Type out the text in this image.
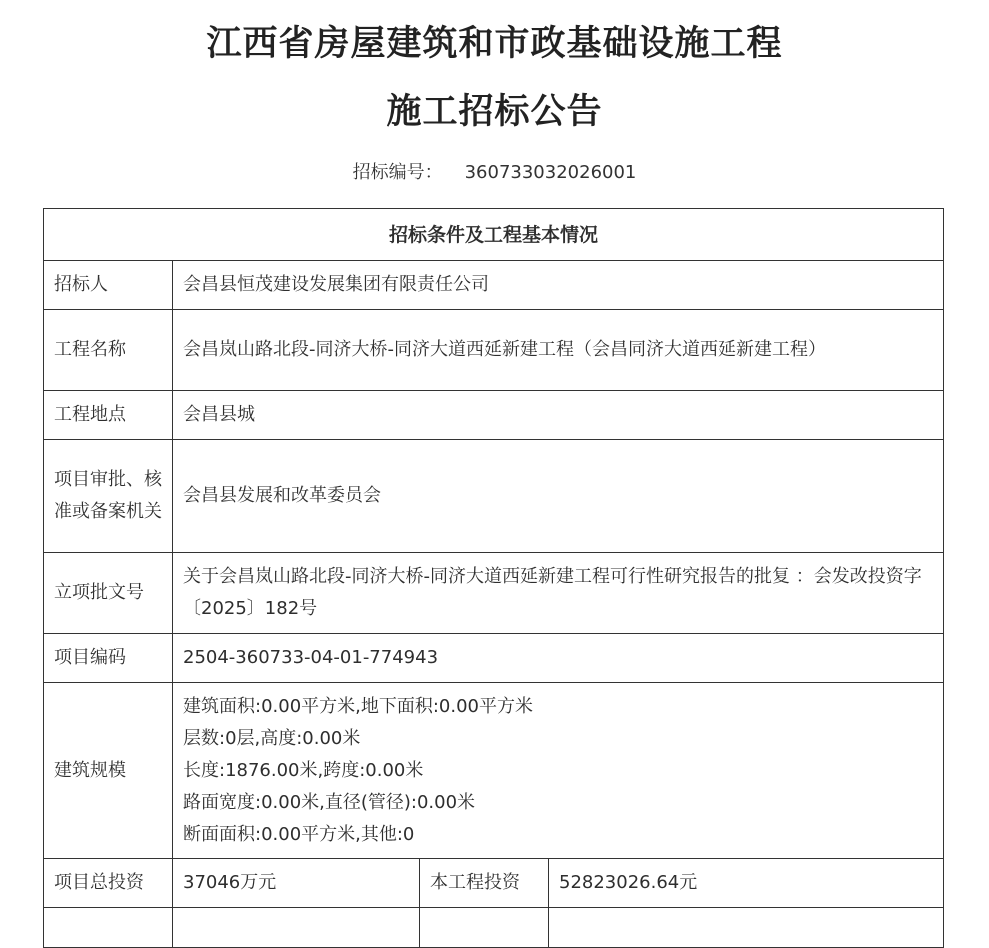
江西省房屋建筑和市政基础设施工程
施工招标公告
招标编号： 360733032026001
招标条件及工程基本情况			
招标人	会昌县恒茂建设发展集团有限责任公司		
工程名称	会昌岚山路北段-同济大桥-同济大道西延新建工程（会昌同济大道西延新建工程）		
工程地点	会昌县城		
项目审批、核准或备案机关	会昌县发展和改革委员会		
立项批文号	关于会昌岚山路北段-同济大桥-同济大道西延新建工程可行性研究报告的批复 ：会发改投资字〔2025〕182号		
项目编码	2504-360733-04-01-774943		
建筑规模	建筑面积:0.00平方米,地下面积:0.00平方米
层数:0层,高度:0.00米
长度:1876.00米,跨度:0.00米
路面宽度:0.00米,直径(管径):0.00米
断面面积:0.00平方米,其他:0		

项目总投资	37046万元	本工程投资	52823026.64元
